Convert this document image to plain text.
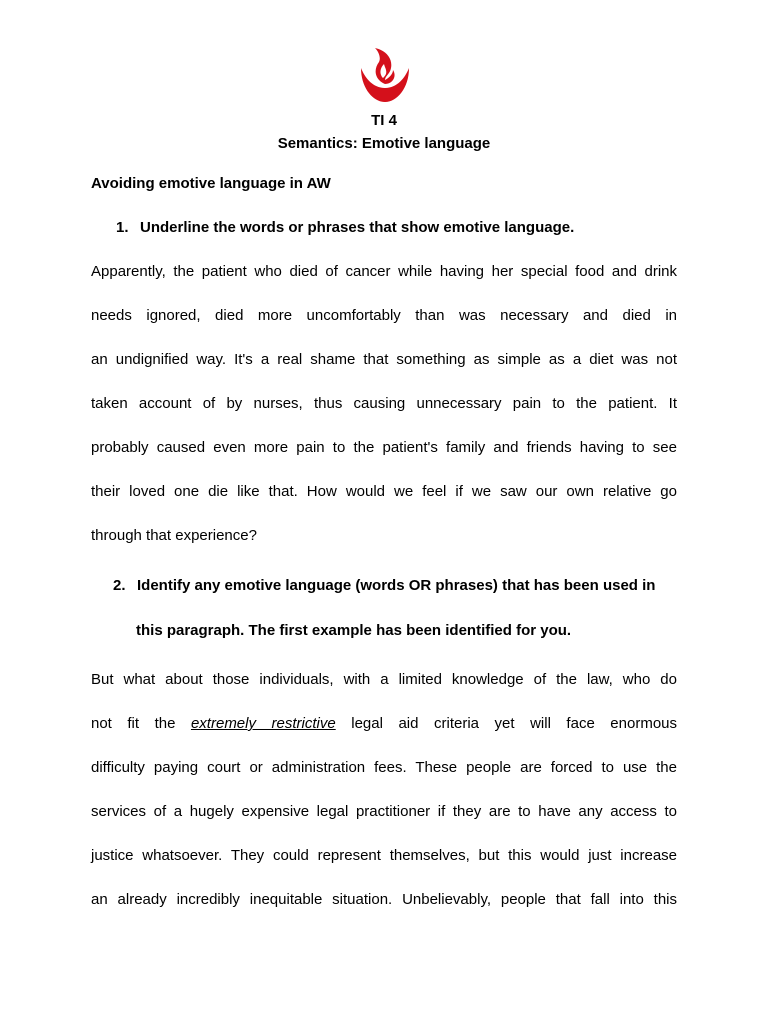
TI 4
Semantics: Emotive language
Avoiding emotive language in AW
1. Underline the words or phrases that show emotive language.
Apparently, the patient who died of cancer while having her special food and drink
needs ignored, died more uncomfortably than was necessary and died in
an undignified way. It's a real shame that something as simple as a diet was not
taken account of by nurses, thus causing unnecessary pain to the patient. It
probably caused even more pain to the patient's family and friends having to see
their loved one die like that. How would we feel if we saw our own relative go
through that experience?
2. Identify any emotive language (words OR phrases) that has been used in
this paragraph. The first example has been identified for you.
But what about those individuals, with a limited knowledge of the law, who do
not fit the extremely restrictive legal aid criteria yet will face enormous
difficulty paying court or administration fees. These people are forced to use the
services of a hugely expensive legal practitioner if they are to have any access to
justice whatsoever. They could represent themselves, but this would just increase
an already incredibly inequitable situation. Unbelievably, people that fall into this
